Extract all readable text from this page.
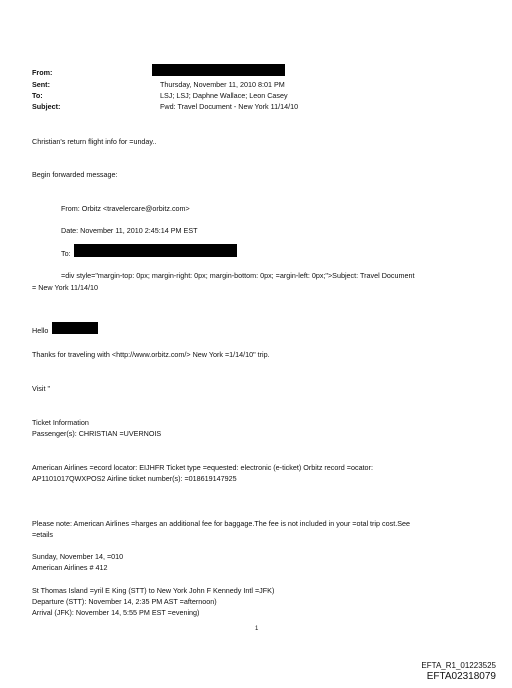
From:
Sent:	Thursday, November 11, 2010 8:01 PM
To:	LSJ; LSJ; Daphne Wallace; Leon Casey
Subject:	Fwd: Travel Document - New York 11/14/10
Christian's return flight info for =unday..
Begin forwarded message:
From: Orbitz <travelercare@orbitz.com>
Date: November 11, 2010 2:45:14 PM EST
To:
=div style="margin-top: 0px; margin-right: 0px; margin-bottom: 0px; =argin-left: 0px;">Subject: Travel Document
= New York 11/14/10
Hello
Thanks for traveling with <http://www.orbitz.com/> New York =1/14/10" trip.
Visit "
Ticket Information
Passenger(s): CHRISTIAN =UVERNOIS
American Airlines =ecord locator: EIJHFR Ticket type =equested: electronic (e-ticket) Orbitz record =ocator:
AP1101017QWXPOS2 Airline ticket number(s): =018619147925
Please note: American Airlines =harges an additional fee for baggage.The fee is not included in your =otal trip cost.See
=etails
Sunday, November 14, =010
American Airlines # 412
St Thomas Island =yril E King (STT) to New York John F Kennedy Intl =JFK)
Departure (STT): November 14, 2:35 PM AST =afternoon)
Arrival (JFK): November 14, 5:55 PM EST =evening)
1
EFTA_R1_01223525
EFTA02318079
